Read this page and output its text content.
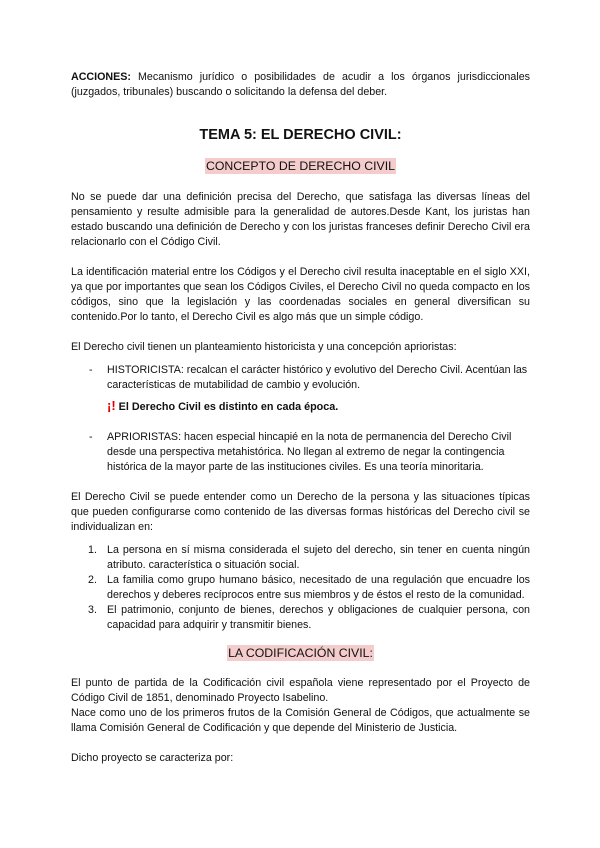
ACCIONES: Mecanismo jurídico o posibilidades de acudir a los órganos jurisdiccionales (juzgados, tribunales) buscando o solicitando la defensa del deber.

TEMA 5: EL DERECHO CIVIL:
CONCEPTO DE DERECHO CIVIL

No se puede dar una definición precisa del Derecho, que satisfaga las diversas líneas del pensamiento y resulte admisible para la generalidad de autores.Desde Kant, los juristas han estado buscando una definición de Derecho y con los juristas franceses definir Derecho Civil era relacionarlo con el Código Civil.

La identificación material entre los Códigos y el Derecho civil resulta inaceptable en el siglo XXI, ya que por importantes que sean los Códigos Civiles, el Derecho Civil no queda compacto en los códigos, sino que la legislación y las coordenadas sociales en general diversifican su contenido.Por lo tanto, el Derecho Civil es algo más que un simple código.

El Derecho civil tienen un planteamiento historicista y una concepción aprioristas:

- HISTORICISTA: recalcan el carácter histórico y evolutivo del Derecho Civil. Acentúan las características de mutabilidad de cambio y evolución.
¡! El Derecho Civil es distinto en cada época.
- APRIORISTAS: hacen especial hincapié en la nota de permanencia del Derecho Civil desde una perspectiva metahistórica. No llegan al extremo de negar la contingencia histórica de la mayor parte de las instituciones civiles. Es una teoría minoritaria.

El Derecho Civil se puede entender como un Derecho de la persona y las situaciones típicas que pueden configurarse como contenido de las diversas formas históricas del Derecho civil se individualizan en:

1. La persona en sí misma considerada el sujeto del derecho, sin tener en cuenta ningún atributo. característica o situación social.
2. La familia como grupo humano básico, necesitado de una regulación que encuadre los derechos y deberes recíprocos entre sus miembros y de éstos el resto de la comunidad.
3. El patrimonio, conjunto de bienes, derechos y obligaciones de cualquier persona, con capacidad para adquirir y transmitir bienes.
LA CODIFICACIÓN CIVIL:

El punto de partida de la Codificación civil española viene representado por el Proyecto de Código Civil de 1851, denominado Proyecto Isabelino.

Nace como uno de los primeros frutos de la Comisión General de Códigos, que actualmente se llama Comisión General de Codificación y que depende del Ministerio de Justicia.

Dicho proyecto se caracteriza por:
